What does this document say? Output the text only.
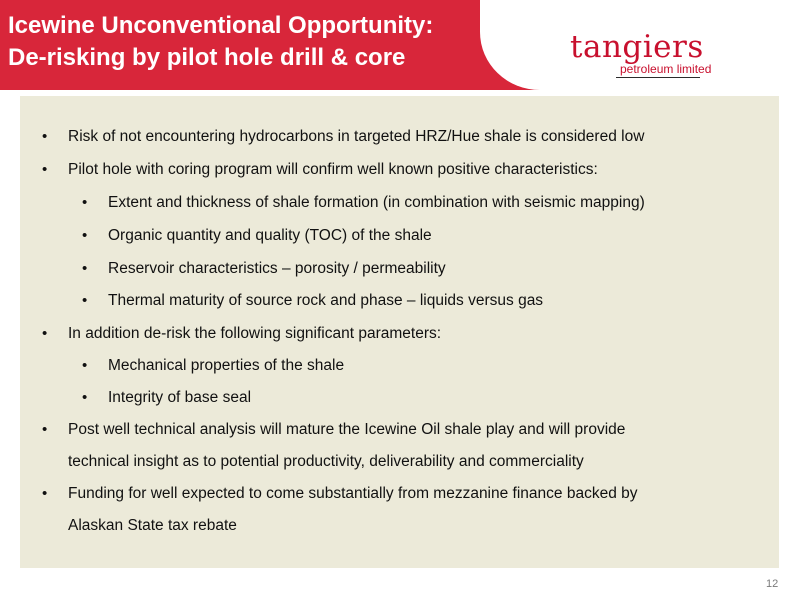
Icewine Unconventional Opportunity:
De-risking by pilot hole drill & core	tangiers
petroleum limited
• Risk of not encountering hydrocarbons in targeted HRZ/Hue shale is considered low
• Pilot hole with coring program will confirm well known positive characteristics:
• Extent and thickness of shale formation (in combination with seismic mapping)
• Organic quantity and quality (TOC) of the shale
• Reservoir characteristics – porosity / permeability
• Thermal maturity of source rock and phase – liquids versus gas
• In addition de-risk the following significant parameters:
• Mechanical properties of the shale
• Integrity of base seal
• Post well technical analysis will mature the Icewine Oil shale play and will provide
technical insight as to potential productivity, deliverability and commerciality
• Funding for well expected to come substantially from mezzanine finance backed by
Alaskan State tax rebate
12
